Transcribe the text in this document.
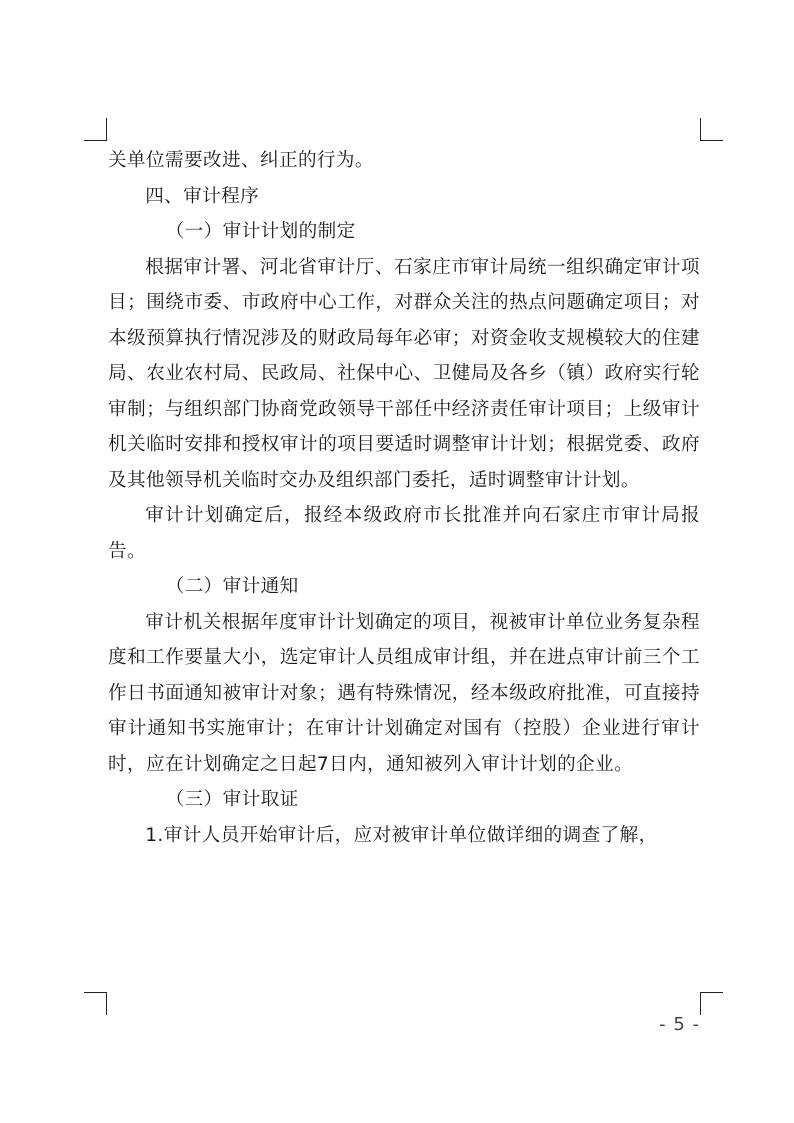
关单位需要改进、纠正的行为。

四、审计程序

（一）审计计划的制定

根据审计署、河北省审计厅、石家庄市审计局统一组织确定审计项目；围绕市委、市政府中心工作，对群众关注的热点问题确定项目；对本级预算执行情况涉及的财政局每年必审；对资金收支规模较大的住建局、农业农村局、民政局、社保中心、卫健局及各乡（镇）政府实行轮审制；与组织部门协商党政领导干部任中经济责任审计项目；上级审计机关临时安排和授权审计的项目要适时调整审计计划；根据党委、政府及其他领导机关临时交办及组织部门委托，适时调整审计计划。

审计计划确定后，报经本级政府市长批准并向石家庄市审计局报告。

（二）审计通知

审计机关根据年度审计计划确定的项目，视被审计单位业务复杂程度和工作要量大小，选定审计人员组成审计组，并在进点审计前三个工作日书面通知被审计对象；遇有特殊情况，经本级政府批准，可直接持审计通知书实施审计；在审计计划确定对国有（控股）企业进行审计时，应在计划确定之日起7日内，通知被列入审计计划的企业。

（三）审计取证

1.审计人员开始审计后，应对被审计单位做详细的调查了解，

- 5 -
